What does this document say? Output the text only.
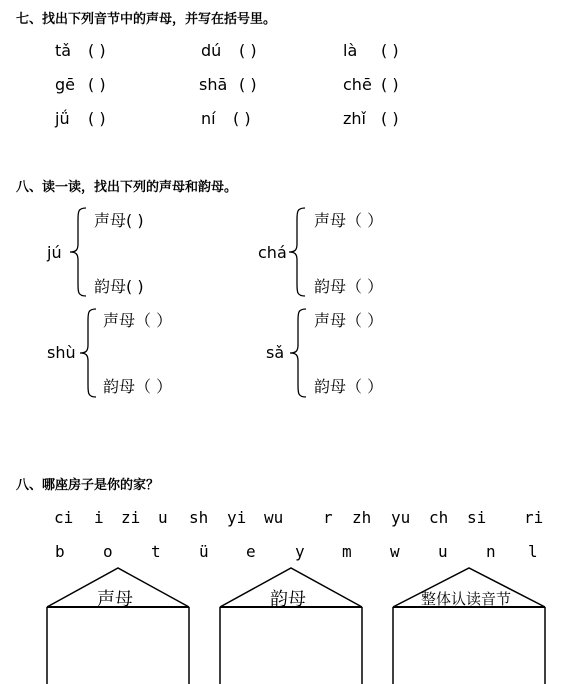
七、找出下列音节中的声母，并写在括号里。
tǎ ( )	dú ( )	là ( )
gē ( )	shā ( )	chē ( )
jǘ ( )	ní ( )	zhǐ ( )
八、读一读，找出下列的声母和韵母。
jú
声母( )
韵母( )
chá
声母（ ）
韵母（ ）
shù
声母（ ）
韵母（ ）
sǎ
声母（ ）
韵母（ ）
八、哪座房子是你的家？
ci i zi u sh yi wu r zh yu ch si ri
b o t ü e y m w u n l
声母	韵母	整体认读音节
